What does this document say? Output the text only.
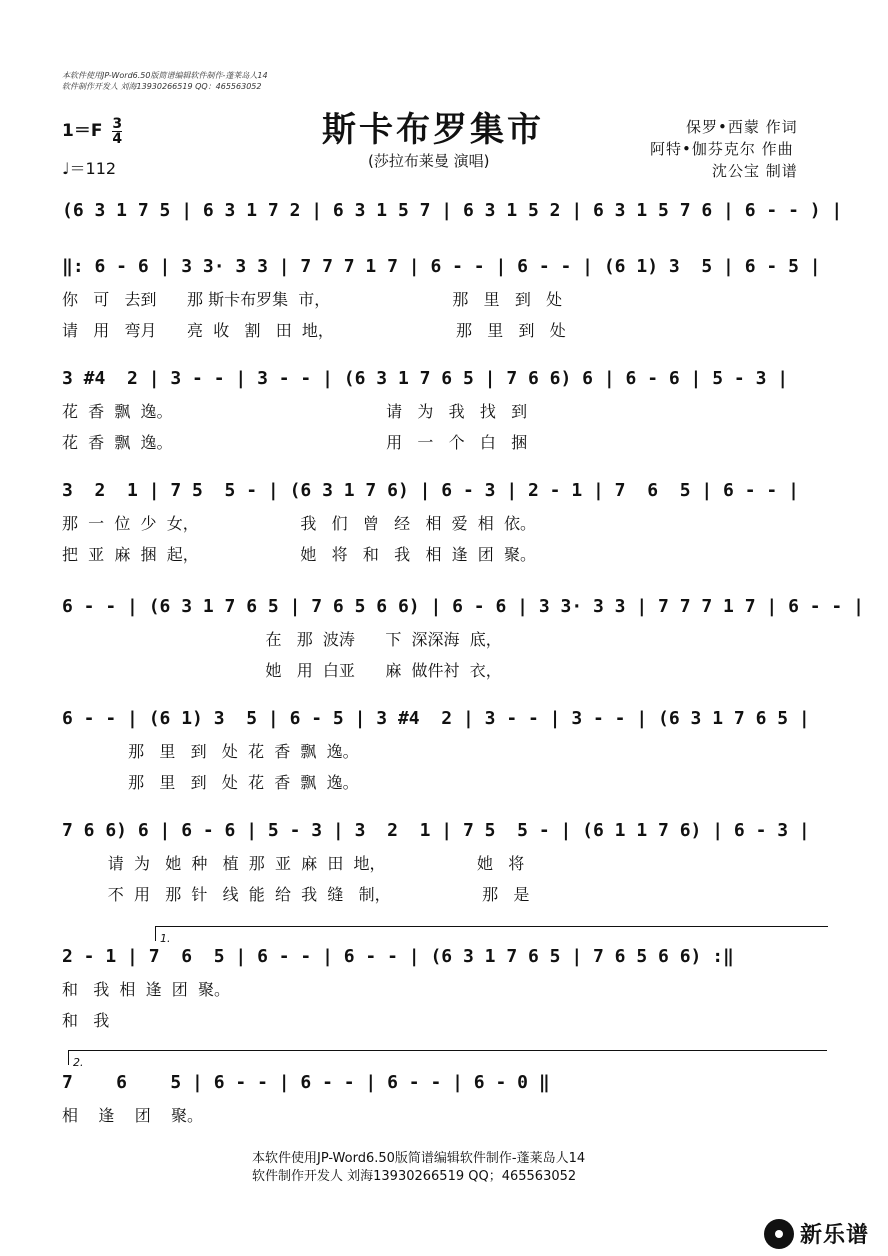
本软件使用JP-Word6.50版简谱编辑软件制作-蓬莱岛人14
软件制作开发人 刘海13930266519 QQ：465563052
$1=F \frac{3}{4}$
♩＝112
斯卡布罗集市
(莎拉布莱曼 演唱)
保罗•西蒙 作词
阿特•伽芬克尔 作曲
沈公宝 制谱
(6 3 1 7 5 | 6 3 1 7 2 | 6 3 1 5 7 | 6 3 1 5 2 | 6 3 1 5 7 6 | 6 - - ) |
‖: 6 - 6 | 3 3· 3 3 | 7 7 7 1 7 | 6 - - | 6 - - | (6 1) 3  5 | 6 - 5 |
你   可   去到      那 斯卡布罗集  市，                        那   里   到   处
请   用   弯月      亮  收   割   田  地，                        那   里   到   处
3 #4  2 | 3 - - | 3 - - | (6 3 1 7 6 5 | 7 6 6) 6 | 6 - 6 | 5 - 3 |
花  香  飘  逸。                                          请   为   我   找   到
花  香  飘  逸。                                          用   一   个   白   捆
3  2  1 | 7 5  5 - | (6 3 1 7 6) | 6 - 3 | 2 - 1 | 7  6  5 | 6 - - |
那  一  位  少  女，                    我   们   曾   经   相  爱  相  依。
把  亚  麻  捆  起，                    她   将   和   我   相  逢  团  聚。
6 - - | (6 3 1 7 6 5 | 7 6 5 6 6) | 6 - 6 | 3 3· 3 3 | 7 7 7 1 7 | 6 - - |
在   那  波涛      下  深深海  底，
她   用  白亚      麻  做件衬  衣，
6 - - | (6 1) 3  5 | 6 - 5 | 3 #4  2 | 3 - - | 3 - - | (6 3 1 7 6 5 |
那   里   到   处  花  香  飘  逸。
那   里   到   处  花  香  飘  逸。
7 6 6) 6 | 6 - 6 | 5 - 3 | 3  2  1 | 7 5  5 - | (6 1 1 7 6) | 6 - 3 |
请  为   她  种   植  那  亚  麻  田  地，                  她   将
不  用   那  针   线  能  给  我  缝   制，                  那   是
1.
2 - 1 | 7  6  5 | 6 - - | 6 - - | (6 3 1 7 6 5 | 7 6 5 6 6) :‖
和   我  相  逢  团  聚。
和   我
2.
7    6    5 | 6 - - | 6 - - | 6 - - | 6 - 0 ‖
相    逢    团    聚。
本软件使用JP-Word6.50版简谱编辑软件制作-蓬莱岛人14
软件制作开发人 刘海13930266519 QQ；465563052
新乐谱
